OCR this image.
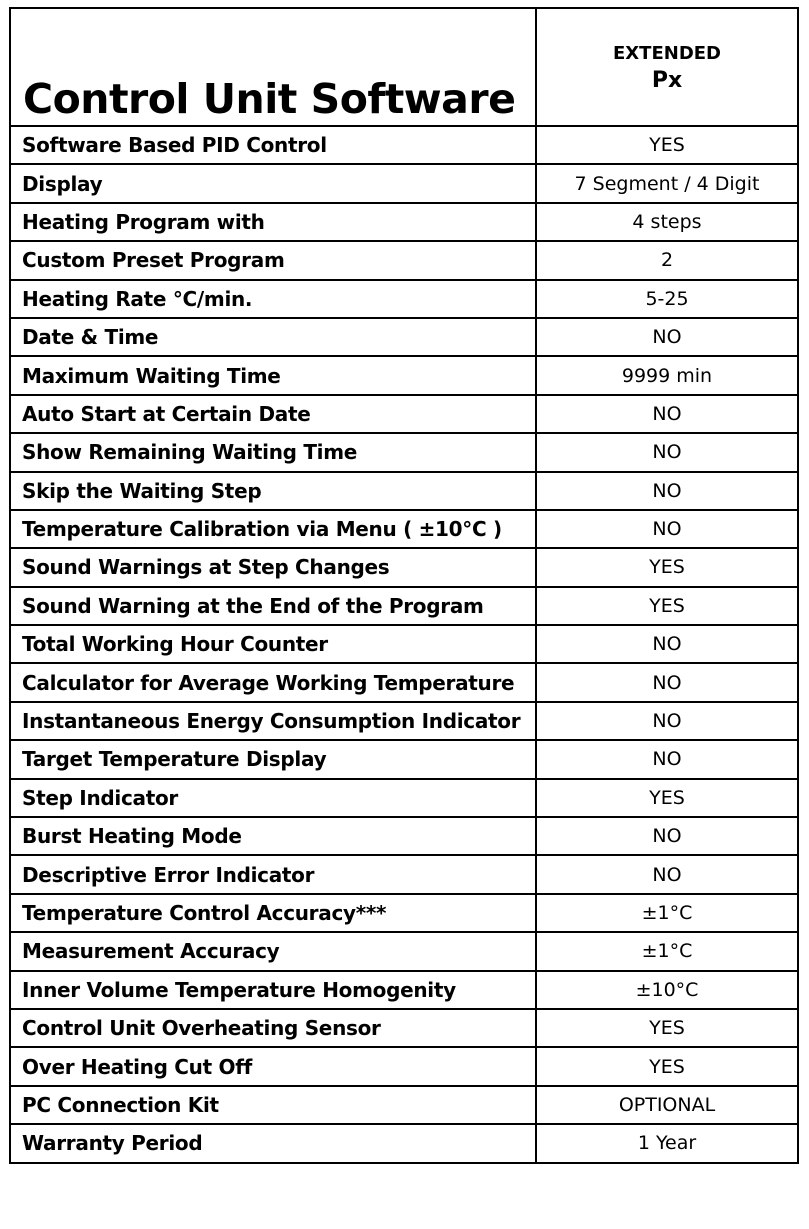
Control Unit Software	EXTENDED
Px

Software Based PID Control	YES
Display	7 Segment / 4 Digit
Heating Program with	4 steps
Custom Preset Program	2
Heating Rate °C/min.	5-25
Date & Time	NO
Maximum Waiting Time	9999 min
Auto Start at Certain Date	NO
Show Remaining Waiting Time	NO
Skip the Waiting Step	NO
Temperature Calibration via Menu ( ±10°C )	NO
Sound Warnings at Step Changes	YES
Sound Warning at the End of the Program	YES
Total Working Hour Counter	NO
Calculator for Average Working Temperature	NO
Instantaneous Energy Consumption Indicator	NO
Target Temperature Display	NO
Step Indicator	YES
Burst Heating Mode	NO
Descriptive Error Indicator	NO
Temperature Control Accuracy***	±1°C
Measurement Accuracy	±1°C
Inner Volume Temperature Homogenity	±10°C
Control Unit Overheating Sensor	YES
Over Heating Cut Off	YES
PC Connection Kit	OPTIONAL
Warranty Period	1 Year
